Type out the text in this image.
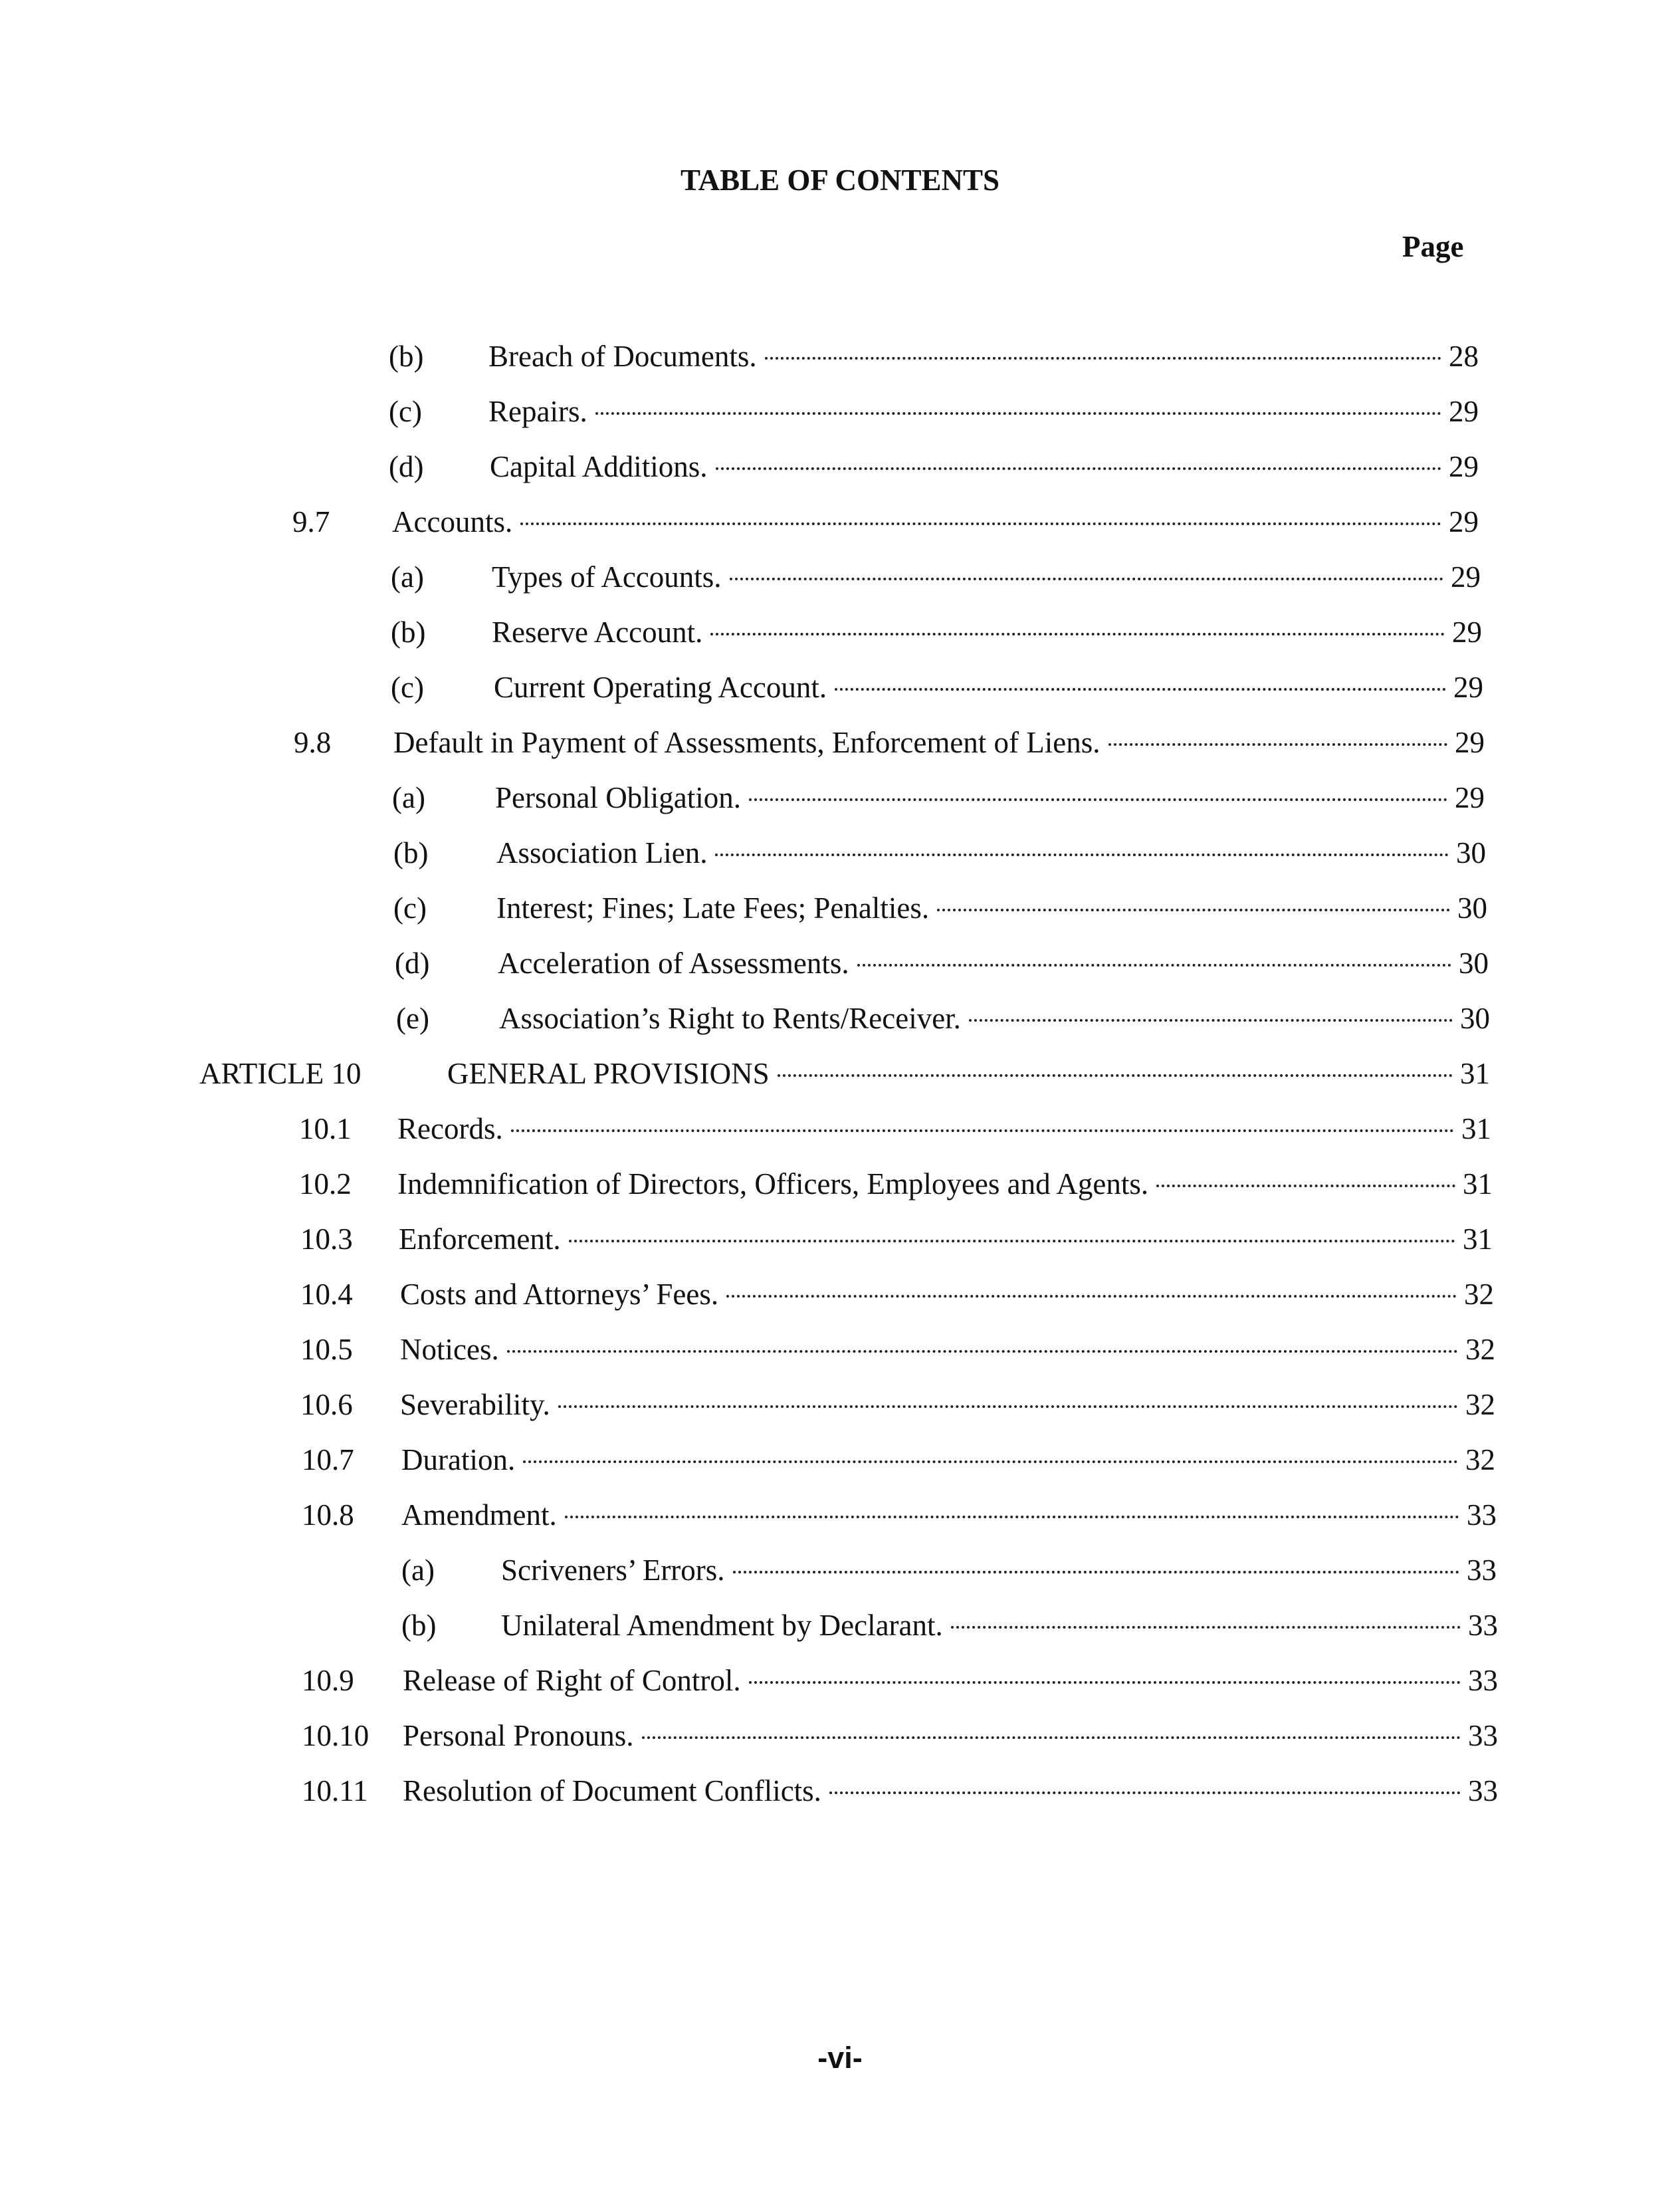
TABLE OF CONTENTS
Page
(b) Breach of Documents.	28
(c) Repairs.	29
(d) Capital Additions.	29
9.7 Accounts.	29
(a) Types of Accounts.	29
(b) Reserve Account.	29
(c) Current Operating Account.	29
9.8 Default in Payment of Assessments, Enforcement of Liens.	29
(a) Personal Obligation.	29
(b) Association Lien.	30
(c) Interest; Fines; Late Fees; Penalties.	30
(d) Acceleration of Assessments.	30
(e) Association’s Right to Rents/Receiver.	30
ARTICLE 10	GENERAL PROVISIONS	31
10.1 Records.	31
10.2 Indemnification of Directors, Officers, Employees and Agents.	31
10.3 Enforcement.	31
10.4 Costs and Attorneys’ Fees.	32
10.5 Notices.	32
10.6 Severability.	32
10.7 Duration.	32
10.8 Amendment.	33
(a) Scriveners’ Errors.	33
(b) Unilateral Amendment by Declarant.	33
10.9 Release of Right of Control.	33
10.10 Personal Pronouns.	33
10.11 Resolution of Document Conflicts.	33
-vi-
